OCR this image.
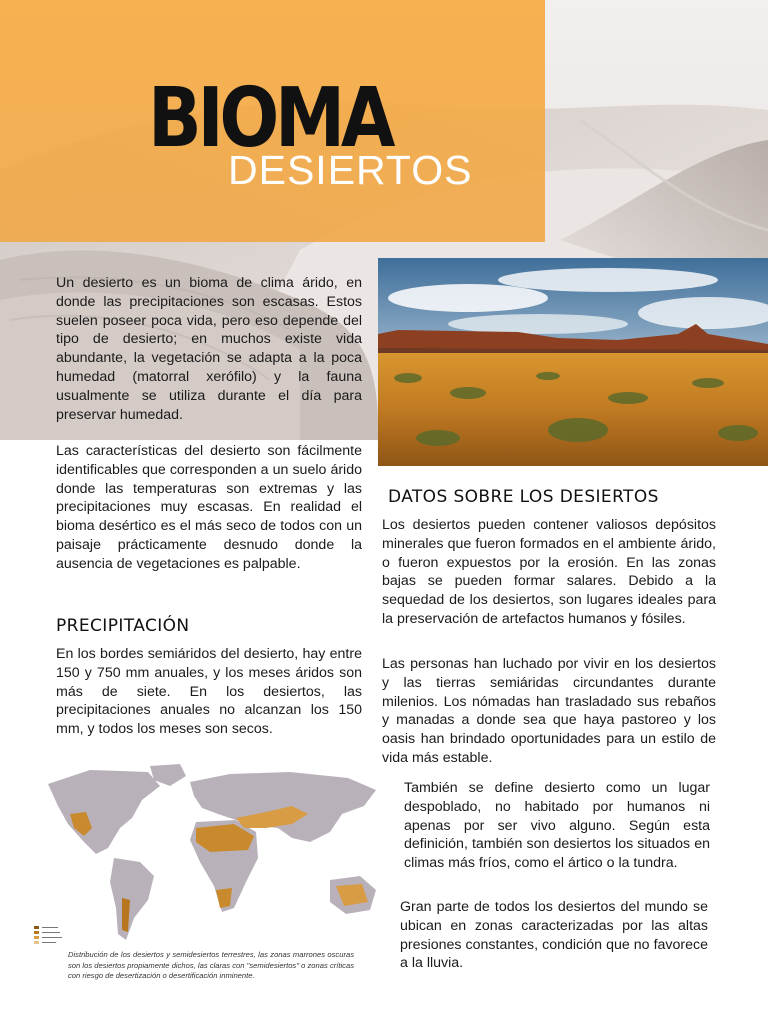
BIOMA
DESIERTOS

Un desierto es un bioma de clima árido, en donde las precipitaciones son escasas. Estos suelen poseer poca vida, pero eso depende del tipo de desierto; en muchos existe vida abundante, la vegetación se adapta a la poca humedad (matorral xerófilo) y la fauna usualmente se utiliza durante el día para preservar humedad.

Las características del desierto son fácilmente identificables que corresponden a un suelo árido donde las temperaturas son extremas y las precipitaciones muy escasas. En realidad el bioma desértico es el más seco de todos con un paisaje prácticamente desnudo donde la ausencia de vegetaciones es palpable.

PRECIPITACIÓN

En los bordes semiáridos del desierto, hay entre 150 y 750 mm anuales, y los meses áridos son más de siete. En los desiertos, las precipitaciones anuales no alcanzan los 150 mm, y todos los meses son secos.

Distribución de los desiertos y semidesiertos terrestres, las zonas marrones oscuras son los desiertos propiamente dichos, las claras con "semidesiertos" o zonas críticas con riesgo de desertización o desertificación inminente.

DATOS SOBRE LOS DESIERTOS

Los desiertos pueden contener valiosos depósitos minerales que fueron formados en el ambiente árido, o fueron expuestos por la erosión. En las zonas bajas se pueden formar salares. Debido a la sequedad de los desiertos, son lugares ideales para la preservación de artefactos humanos y fósiles.

Las personas han luchado por vivir en los desiertos y las tierras semiáridas circundantes durante milenios. Los nómadas han trasladado sus rebaños y manadas a donde sea que haya pastoreo y los oasis han brindado oportunidades para un estilo de vida más estable.

También se define desierto como un lugar despoblado, no habitado por humanos ni apenas por ser vivo alguno. Según esta definición, también son desiertos los situados en climas más fríos, como el ártico o la tundra.

Gran parte de todos los desiertos del mundo se ubican en zonas caracterizadas por las altas presiones constantes, condición que no favorece a la lluvia.
